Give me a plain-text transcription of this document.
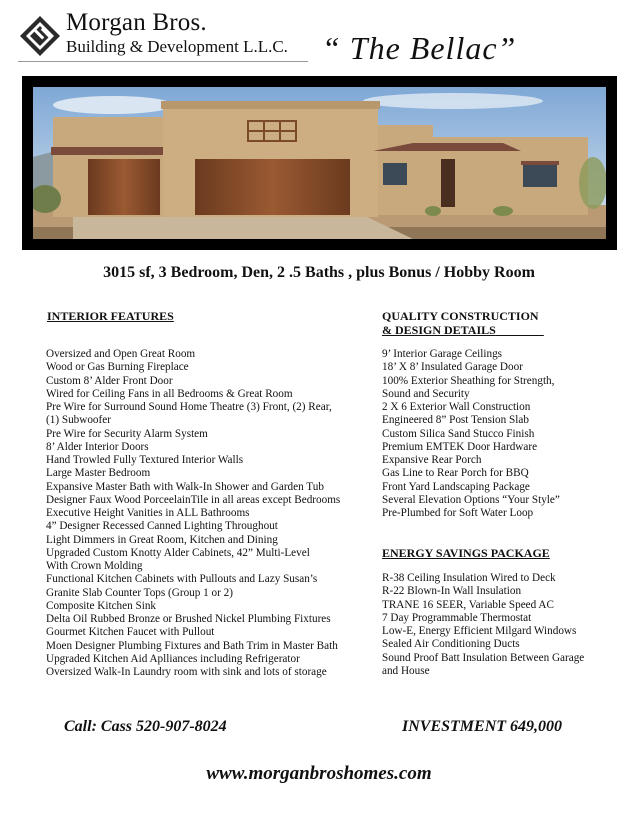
Morgan Bros.
Building & Development L.L.C. “ The Bellac”
3015 sf, 3 Bedroom, Den, 2 .5 Baths , plus Bonus / Hobby Room
INTERIOR FEATURES
Oversized and Open Great Room
Wood or Gas Burning Fireplace
Custom 8’ Alder Front Door
Wired for Ceiling Fans in all Bedrooms & Great Room
Pre Wire for Surround Sound Home Theatre (3) Front, (2) Rear,
(1) Subwoofer
Pre Wire for Security Alarm System
8’ Alder Interior Doors
Hand Trowled Fully Textured Interior Walls
Large Master Bedroom
Expansive Master Bath with Walk-In Shower and Garden Tub
Designer Faux Wood PorceelainTile in all areas except Bedrooms
Executive Height Vanities in ALL Bathrooms
4” Designer Recessed Canned Lighting Throughout
Light Dimmers in Great Room, Kitchen and Dining
Upgraded Custom Knotty Alder Cabinets, 42” Multi-Level
With Crown Molding
Functional Kitchen Cabinets with Pullouts and Lazy Susan’s
Granite Slab Counter Tops (Group 1 or 2)
Composite Kitchen Sink
Delta Oil Rubbed Bronze or Brushed Nickel Plumbing Fixtures
Gourmet Kitchen Faucet with Pullout
Moen Designer Plumbing Fixtures and Bath Trim in Master Bath
Upgraded Kitchen Aid Aplliances including Refrigerator
Oversized Walk-In Laundry room with sink and lots of storage
QUALITY CONSTRUCTION
& DESIGN DETAILS        
9’ Interior Garage Ceilings
18’ X 8’ Insulated Garage Door
100% Exterior Sheathing for Strength,
Sound and Security
2 X 6 Exterior Wall Construction
Engineered 8” Post Tension Slab
Custom Silica Sand Stucco Finish
Premium EMTEK Door Hardware
Expansive Rear Porch
Gas Line to Rear Porch for BBQ
Front Yard Landscaping Package
Several Elevation Options “Your Style”
Pre-Plumbed for Soft Water Loop
ENERGY SAVINGS PACKAGE
R-38 Ceiling Insulation Wired to Deck
R-22 Blown-In Wall Insulation
TRANE 16 SEER, Variable Speed AC
7 Day Programmable Thermostat
Low-E, Energy Efficient Milgard Windows
Sealed Air Conditioning Ducts
Sound Proof Batt Insulation Between Garage
and House
Call: Cass 520-907-8024	INVESTMENT 649,000
www.morganbroshomes.com
